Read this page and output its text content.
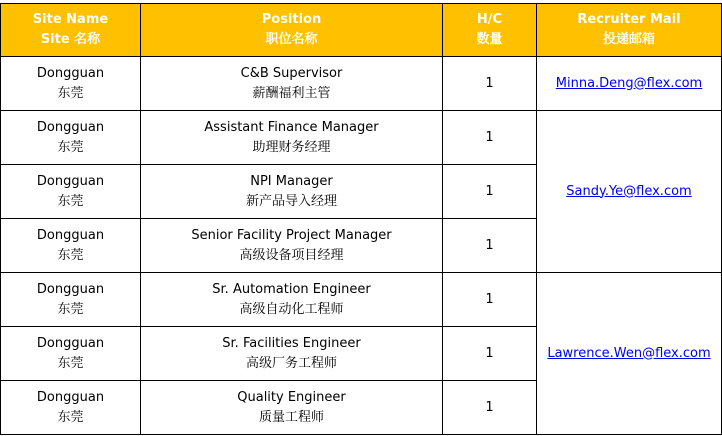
Site Name
Site 名称	Position
职位名称	H/C
数量	Recruiter Mail
投递邮箱

Dongguan
东莞	C&B Supervisor
薪酬福利主管	1	Minna.Deng@flex.com

Dongguan
东莞	Assistant Finance Manager
助理财务经理	1	Sandy.Ye@flex.com

Dongguan
东莞	NPI Manager
新产品导入经理	1	

Dongguan
东莞	Senior Facility Project Manager
高级设备项目经理	1	

Dongguan
东莞	Sr. Automation Engineer
高级自动化工程师	1	Lawrence.Wen@flex.com

Dongguan
东莞	Sr. Facilities Engineer
高级厂务工程师	1	

Dongguan
东莞	Quality Engineer
质量工程师	1	
